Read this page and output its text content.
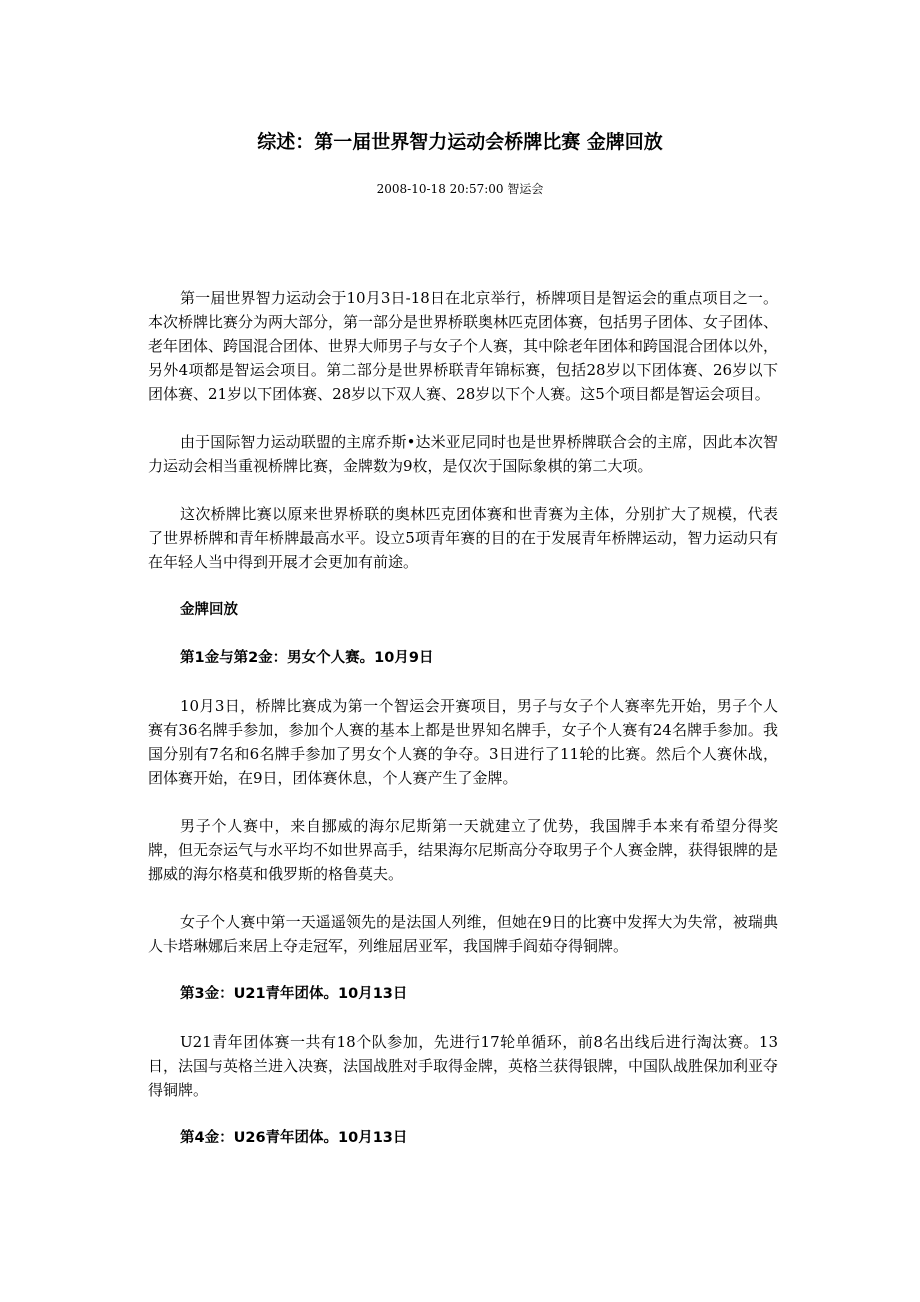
综述：第一届世界智力运动会桥牌比赛 金牌回放
2008-10-18 20:57:00 智运会

第一届世界智力运动会于10月3日-18日在北京举行，桥牌项目是智运会的重点项目之一。本次桥牌比赛分为两大部分，第一部分是世界桥联奥林匹克团体赛，包括男子团体、女子团体、老年团体、跨国混合团体、世界大师男子与女子个人赛，其中除老年团体和跨国混合团体以外，另外4项都是智运会项目。第二部分是世界桥联青年锦标赛，包括28岁以下团体赛、26岁以下团体赛、21岁以下团体赛、28岁以下双人赛、28岁以下个人赛。这5个项目都是智运会项目。

由于国际智力运动联盟的主席乔斯•达米亚尼同时也是世界桥牌联合会的主席，因此本次智力运动会相当重视桥牌比赛，金牌数为9枚，是仅次于国际象棋的第二大项。

这次桥牌比赛以原来世界桥联的奥林匹克团体赛和世青赛为主体，分别扩大了规模，代表了世界桥牌和青年桥牌最高水平。设立5项青年赛的目的在于发展青年桥牌运动，智力运动只有在年轻人当中得到开展才会更加有前途。

金牌回放

第1金与第2金：男女个人赛。10月9日

10月3日，桥牌比赛成为第一个智运会开赛项目，男子与女子个人赛率先开始，男子个人赛有36名牌手参加，参加个人赛的基本上都是世界知名牌手，女子个人赛有24名牌手参加。我国分别有7名和6名牌手参加了男女个人赛的争夺。3日进行了11轮的比赛。然后个人赛休战，团体赛开始，在9日，团体赛休息，个人赛产生了金牌。

男子个人赛中，来自挪威的海尔尼斯第一天就建立了优势，我国牌手本来有希望分得奖牌，但无奈运气与水平均不如世界高手，结果海尔尼斯高分夺取男子个人赛金牌，获得银牌的是挪威的海尔格莫和俄罗斯的格鲁莫夫。

女子个人赛中第一天遥遥领先的是法国人列维，但她在9日的比赛中发挥大为失常，被瑞典人卡塔琳娜后来居上夺走冠军，列维屈居亚军，我国牌手阎茹夺得铜牌。

第3金：U21青年团体。10月13日

U21青年团体赛一共有18个队参加，先进行17轮单循环，前8名出线后进行淘汰赛。13日，法国与英格兰进入决赛，法国战胜对手取得金牌，英格兰获得银牌，中国队战胜保加利亚夺得铜牌。

第4金：U26青年团体。10月13日
